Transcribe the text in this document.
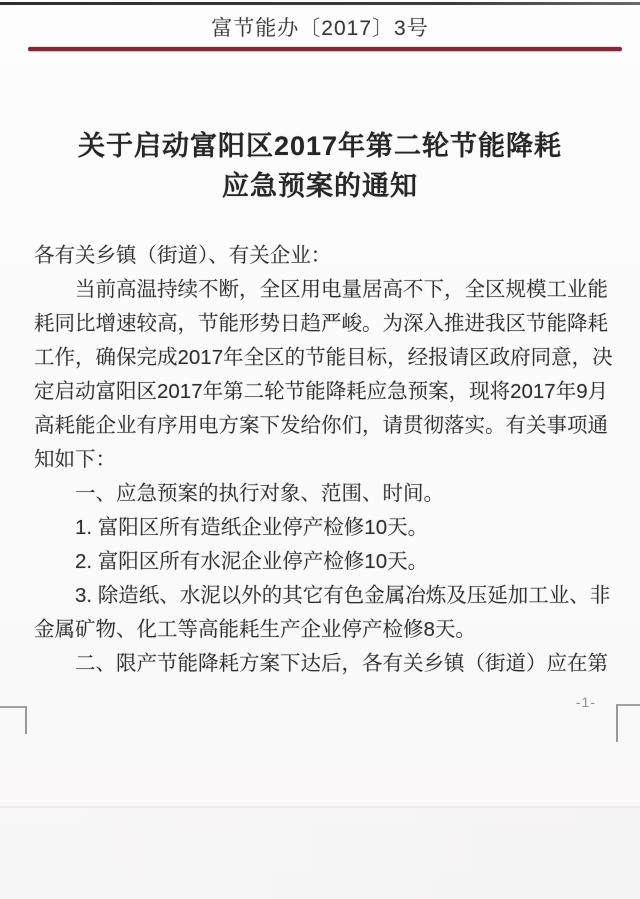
富节能办〔2017〕3号
关于启动富阳区2017年第二轮节能降耗
应急预案的通知
各有关乡镇（街道）、有关企业：
　　当前高温持续不断，全区用电量居高不下，全区规模工业能
耗同比增速较高，节能形势日趋严峻。为深入推进我区节能降耗
工作，确保完成2017年全区的节能目标，经报请区政府同意，决
定启动富阳区2017年第二轮节能降耗应急预案，现将2017年9月
高耗能企业有序用电方案下发给你们，请贯彻落实。有关事项通
知如下：
　　一、应急预案的执行对象、范围、时间。
　　1. 富阳区所有造纸企业停产检修10天。
　　2. 富阳区所有水泥企业停产检修10天。
　　3. 除造纸、水泥以外的其它有色金属冶炼及压延加工业、非
金属矿物、化工等高能耗生产企业停产检修8天。
　　二、限产节能降耗方案下达后，各有关乡镇（街道）应在第
-1-
